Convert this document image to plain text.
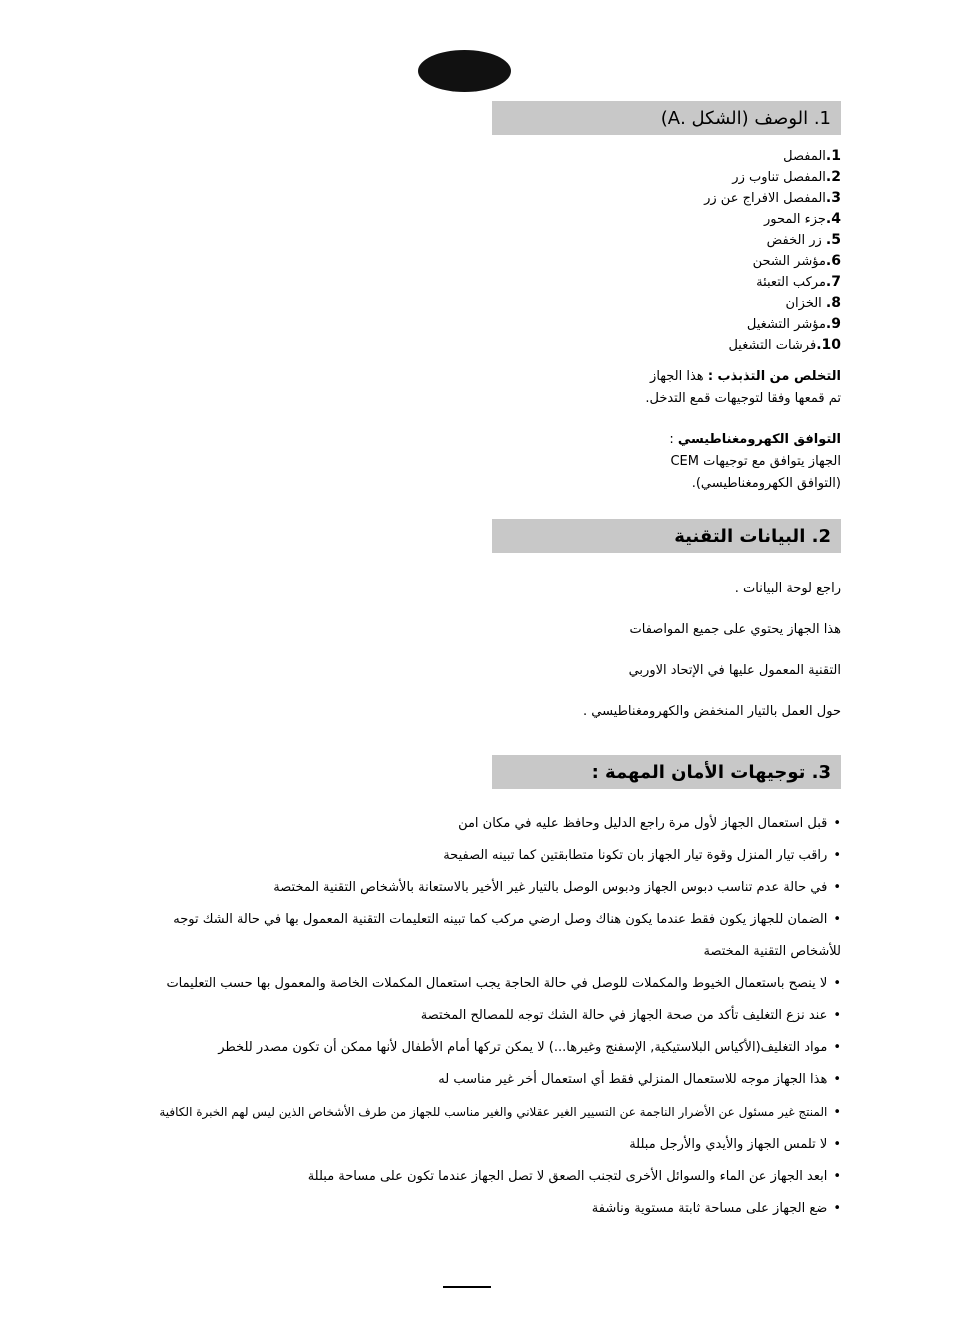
1. الوصف (الشكل .A)
1.المفصل
2.المفصل تناوب زر
3.المفصل الافراج عن زر
4.جزء المحور
5. زر الخفض
6.مؤشر الشحن
7.مركب التعبئة
8. الخزان
9.مؤشر التشغيل
10.فرشات التشغيل
التخلص من التذبذب : هذا الجهاز
تم قمعها وفقا لتوجيهات قمع التدخل.
التوافق الكهرومغناطيسي :
الجهاز يتوافق مع توجيهات CEM
(التوافق الكهرومغناطيسي).
2. البيانات التقنية
راجع لوحة البيانات .
هذا الجهاز يحتوي على جميع المواصفات
التقنية المعمول عليها في الإتحاد الاوربي
حول العمل بالتيار المنخفض والكهرومغناطيسي .
3. توجيهات الأمان المهمة :
•قبل استعمال الجهاز لأول مرة راجع الدليل وحافظ عليه في مكان امن
•راقب تيار المنزل وقوة تيار الجهاز بان تكونا متطابقتين كما تبينه الصفيحة
•في حالة عدم تناسب دبوس الجهاز ودبوس الوصل بالتيار غير الأخير بالاستعانة بالأشخاص التقنية المختصة
•الضمان للجهاز يكون فقط عندما يكون هناك وصل ارضي مركب كما تبينه التعليمات التقنية المعمول بها في حالة الشك توجه
للأشخاص التقنية المختصة
•لا ينصح باستعمال الخيوط والمكملات للوصل في حالة الحاجة يجب استعمال المكملات الخاصة والمعمول بها حسب التعليمات
•عند نزع التغليف تأكد من صحة الجهاز في حالة الشك توجه للمصالح المختصة
•مواد التغليف(الأكياس البلاستيكية, الإسفنج وغيرها...) لا يمكن تركها أمام الأطفال لأنها ممكن أن تكون مصدر للخطر
•هذا الجهاز موجه للاستعمال المنزلي فقط أي استعمال أخر غير مناسب له
•المنتج غير مسئول عن الأضرار الناجمة عن التسيير الغير عقلاني والغير مناسب للجهاز من طرف الأشخاص الذين ليس لهم الخبرة الكافية
•لا تلمس الجهاز والأيدي والأرجل مبللة
•ابعد الجهاز عن الماء والسوائل الأخرى لتجنب الصعق لا تصل الجهاز عندما تكون على مساحة مبللة
•ضع الجهاز على مساحة ثابتة مستوية وناشفة
